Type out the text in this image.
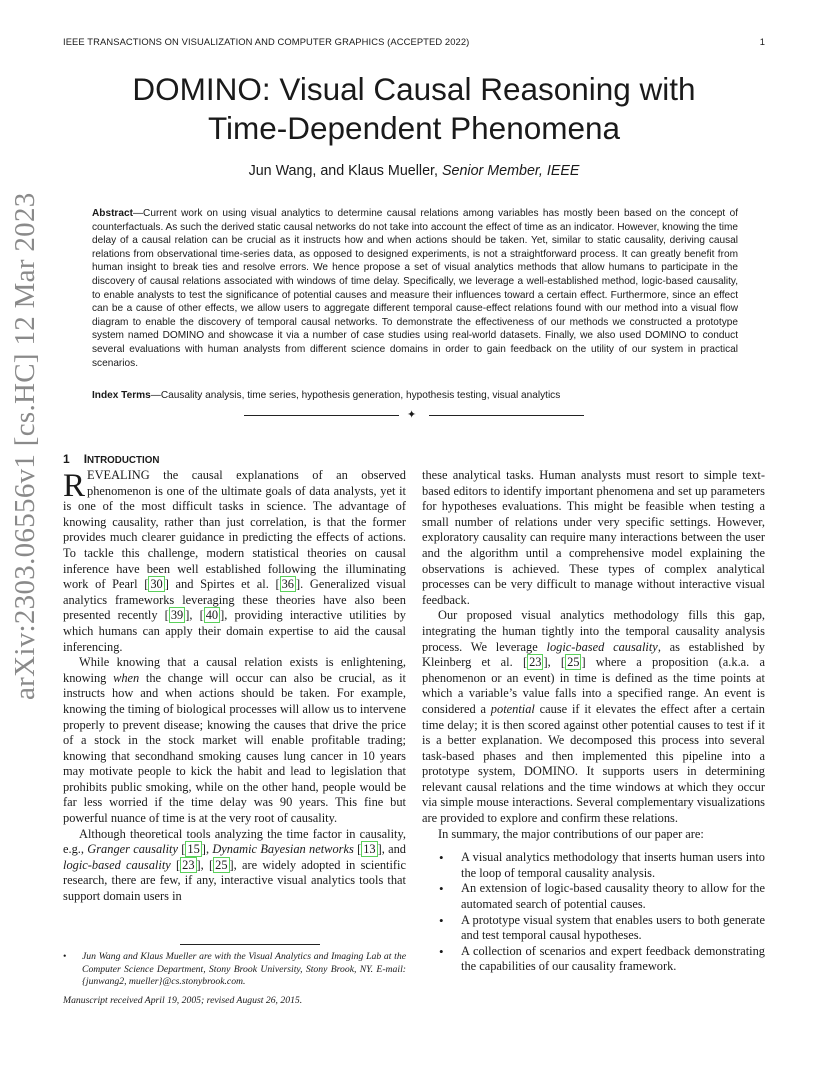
IEEE TRANSACTIONS ON VISUALIZATION AND COMPUTER GRAPHICS (ACCEPTED 2022)	1
arXiv:2303.06556v1 [cs.HC] 12 Mar 2023
DOMINO: Visual Causal Reasoning with
Time-Dependent Phenomena
Jun Wang, and Klaus Mueller, Senior Member, IEEE
Abstract—Current work on using visual analytics to determine causal relations among variables has mostly been based on the concept of counterfactuals. As such the derived static causal networks do not take into account the effect of time as an indicator. However, knowing the time delay of a causal relation can be crucial as it instructs how and when actions should be taken. Yet, similar to static causality, deriving causal relations from observational time-series data, as opposed to designed experiments, is not a straightforward process. It can greatly benefit from human insight to break ties and resolve errors. We hence propose a set of visual analytics methods that allow humans to participate in the discovery of causal relations associated with windows of time delay. Specifically, we leverage a well-established method, logic-based causality, to enable analysts to test the significance of potential causes and measure their influences toward a certain effect. Furthermore, since an effect can be a cause of other effects, we allow users to aggregate different temporal cause-effect relations found with our method into a visual flow diagram to enable the discovery of temporal causal networks. To demonstrate the effectiveness of our methods we constructed a prototype system named DOMINO and showcase it via a number of case studies using real-world datasets. Finally, we also used DOMINO to conduct several evaluations with human analysts from different science domains in order to gain feedback on the utility of our system in practical scenarios.
Index Terms—Causality analysis, time series, hypothesis generation, hypothesis testing, visual analytics
✦
1 INTRODUCTION

REVEALING the causal explanations of an observed phenomenon is one of the ultimate goals of data analysts, yet it is one of the most difficult tasks in science. The advantage of knowing causality, rather than just correlation, is that the former provides much clearer guidance in predicting the effects of actions. To tackle this challenge, modern statistical theories on causal inference have been well established following the illuminating work of Pearl [ 30 ] and Spirtes et al. [ 36 ]. Generalized visual analytics frameworks leveraging these theories have also been presented recently [ 39 ], [ 40 ], providing interactive utilities by which humans can apply their domain expertise to aid the causal inferencing.

While knowing that a causal relation exists is enlightening, knowing when the change will occur can also be crucial, as it instructs how and when actions should be taken. For example, knowing the timing of biological processes will allow us to intervene properly to prevent disease; knowing the causes that drive the price of a stock in the stock market will enable profitable trading; knowing that secondhand smoking causes lung cancer in 10 years may motivate people to kick the habit and lead to legislation that prohibits public smoking, while on the other hand, people would be far less worried if the time delay was 90 years. This fine but powerful nuance of time is at the very root of causality.

Although theoretical tools analyzing the time factor in causality, e.g., Granger causality [ 15 ], Dynamic Bayesian networks [ 13 ], and logic-based causality [ 23 ], [ 25 ], are widely adopted in scientific research, there are few, if any, interactive visual analytics tools that support domain users in

these analytical tasks. Human analysts must resort to simple text-based editors to identify important phenomena and set up parameters for hypotheses evaluations. This might be feasible when testing a small number of relations under very specific settings. However, exploratory causality can require many interactions between the user and the algorithm until a comprehensive model explaining the observations is achieved. These types of complex analytical processes can be very difficult to manage without interactive visual feedback.

Our proposed visual analytics methodology fills this gap, integrating the human tightly into the temporal causality analysis process. We leverage logic-based causality, as established by Kleinberg et al. [ 23 ], [ 25 ] where a proposition (a.k.a. a phenomenon or an event) in time is defined as the time points at which a variable’s value falls into a specified range. An event is considered a potential cause if it elevates the effect after a certain time delay; it is then scored against other potential causes to test if it is a better explanation. We decomposed this process into several task-based phases and then implemented this pipeline into a prototype system, DOMINO. It supports users in determining relevant causal relations and the time windows at which they occur via simple mouse interactions. Several complementary visualizations are provided to explore and confirm these relations.

In summary, the major contributions of our paper are:

• A visual analytics methodology that inserts human users into the loop of temporal causality analysis.
• An extension of logic-based causality theory to allow for the automated search of potential causes.
• A prototype visual system that enables users to both generate and test temporal causal hypotheses.
• A collection of scenarios and expert feedback demonstrating the capabilities of our causality framework.
•	Jun Wang and Klaus Mueller are with the Visual Analytics and Imaging Lab at the Computer Science Department, Stony Brook University, Stony Brook, NY. E-mail: {junwang2, mueller}@cs.stonybrook.com.
Manuscript received April 19, 2005; revised August 26, 2015.
